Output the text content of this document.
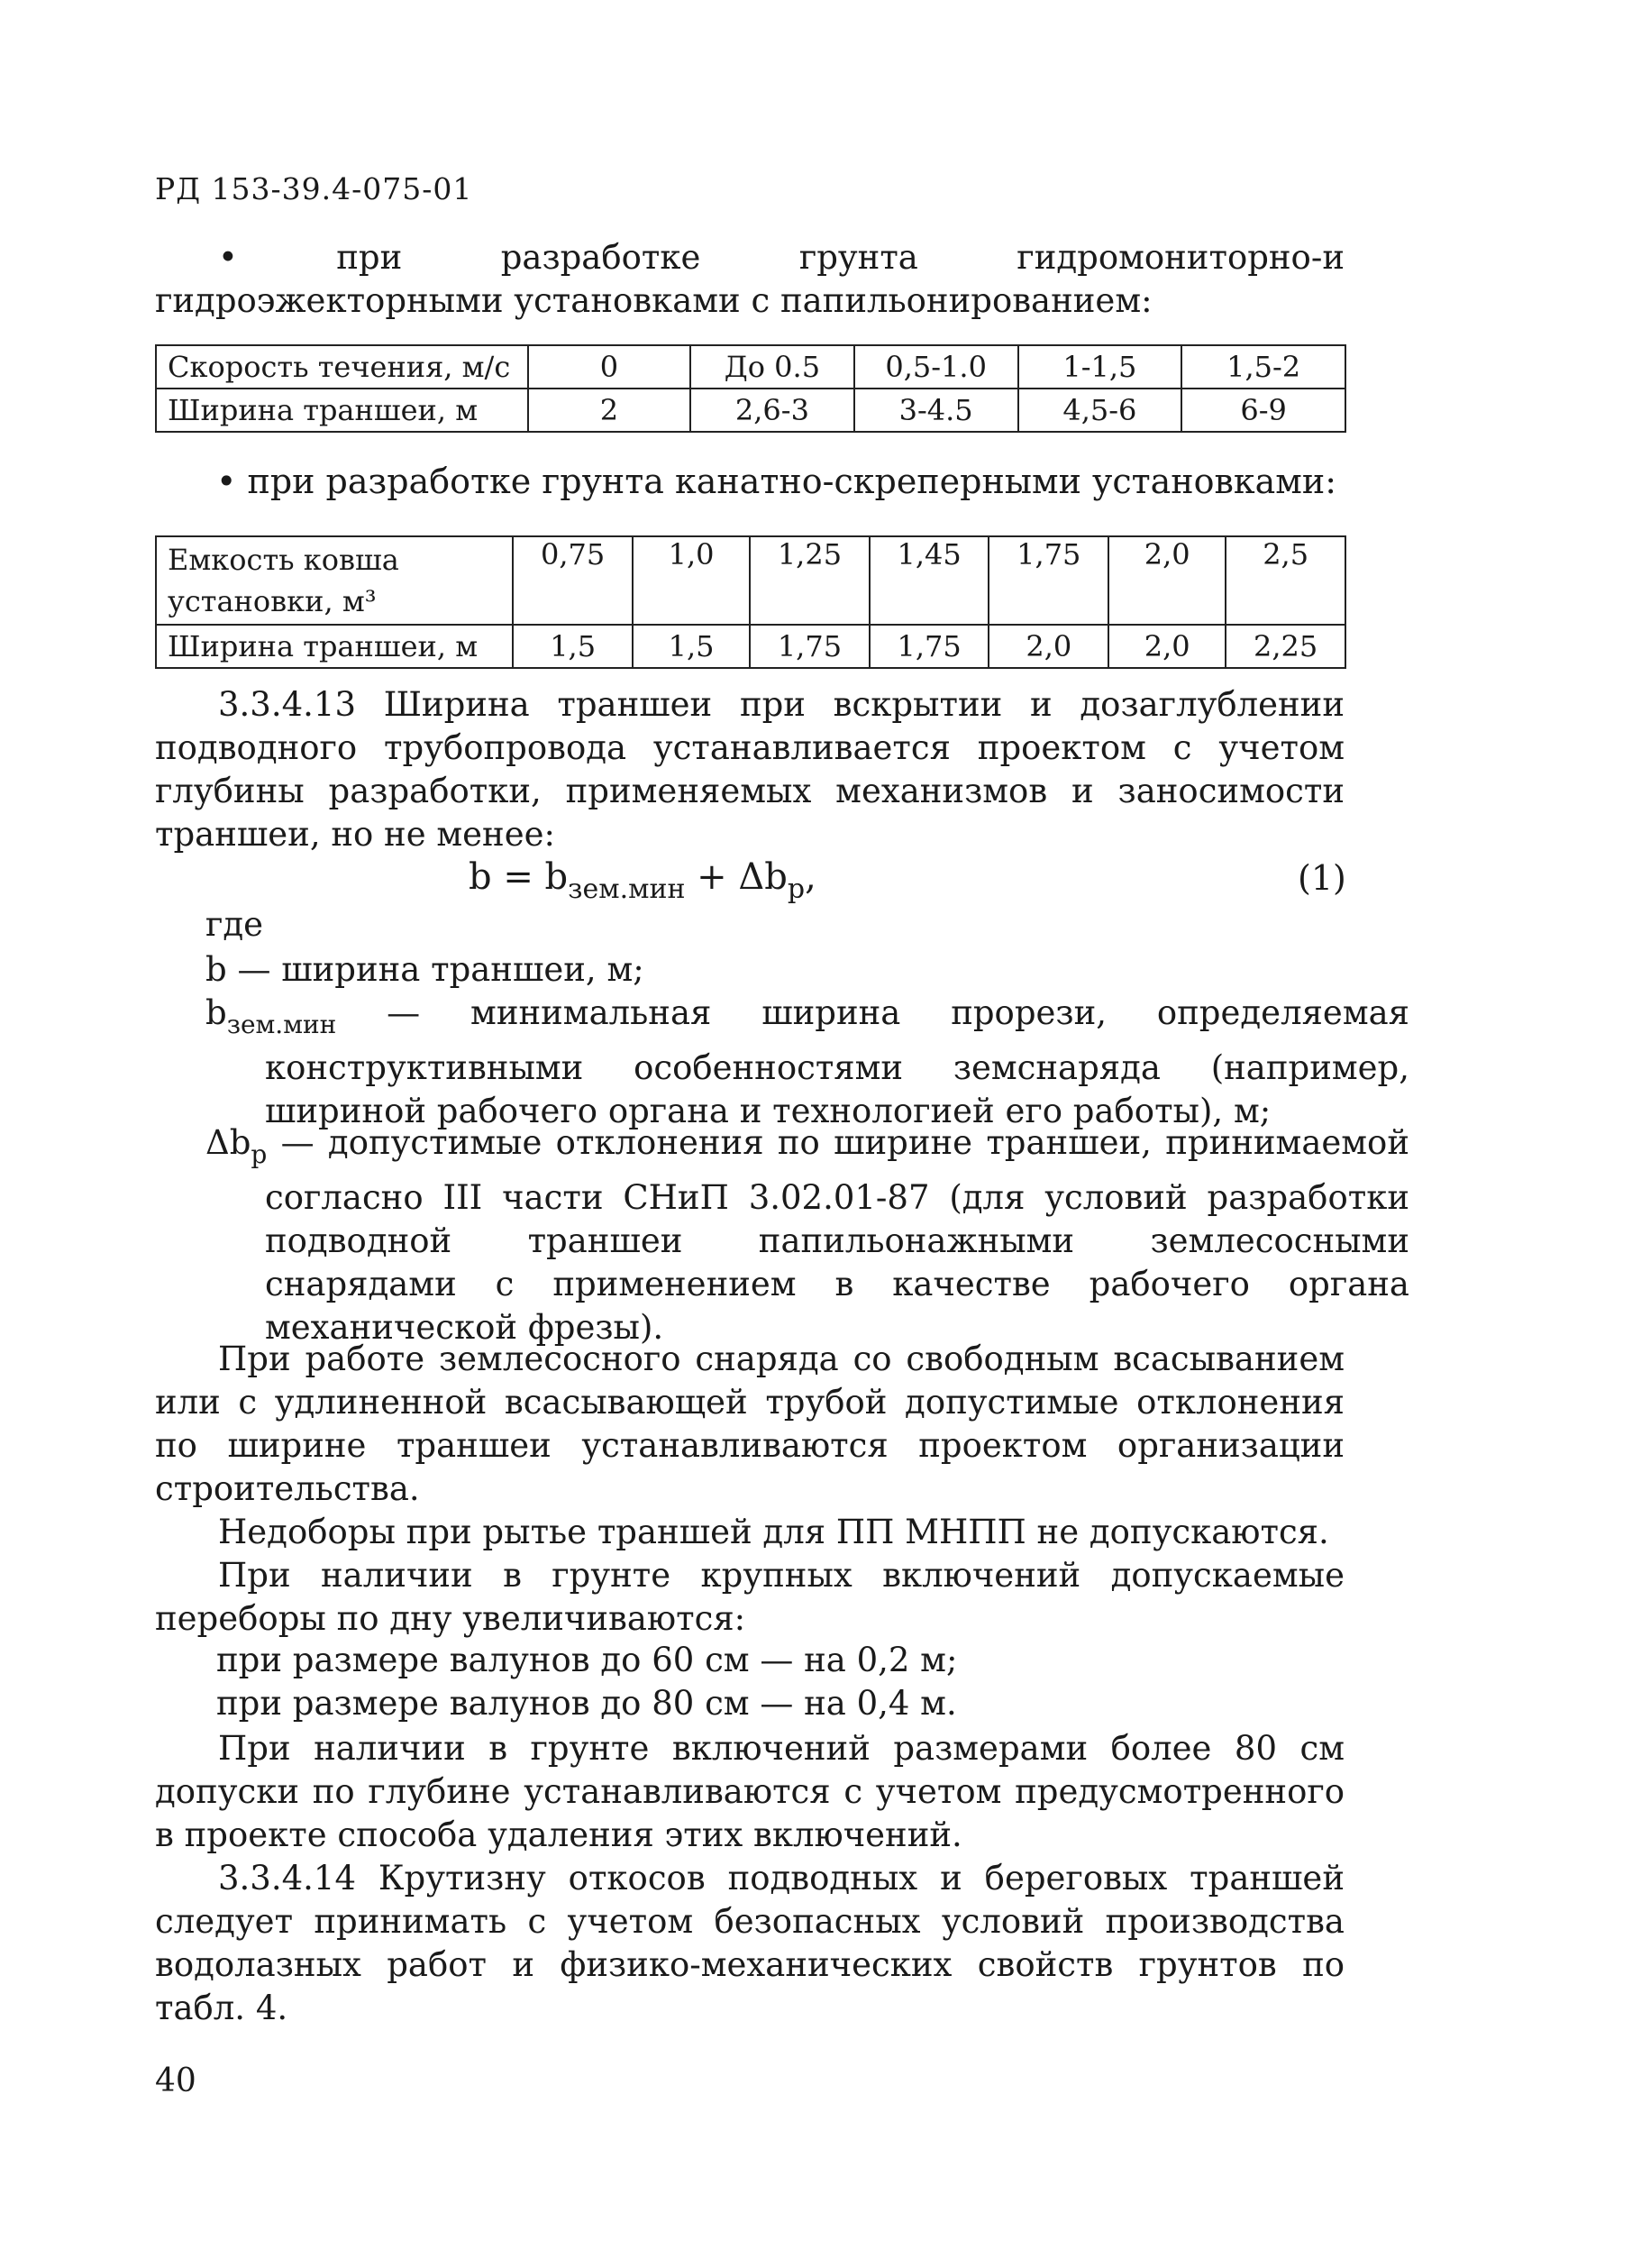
РД 153-39.4-075-01
• при разработке грунта гидромониторно-и гидроэжекторными установками с папильонированием:
Скорость течения, м/с	0	До 0.5	0,5-1.0	1-1,5	1,5-2
Ширина траншеи, м	2	2,6-3	3-4.5	4,5-6	6-9
• при разработке грунта канатно-скреперными установками:
Емкость ковша
установки, м³	0,75	1,0	1,25	1,45	1,75	2,0	2,5
Ширина траншеи, м	1,5	1,5	1,75	1,75	2,0	2,0	2,25
3.3.4.13 Ширина траншеи при вскрытии и дозаглублении подводного трубопровода устанавливается проектом с учетом глубины разработки, применяемых механизмов и заносимости траншеи, но не менее:
$b = b_{зем.мин} + \Delta b_р$,	(1)
где
b — ширина траншеи, м;
$b_{зем.мин}$ — минимальная ширина прорези, определяемая конструктивными особенностями земснаряда (например, шириной рабочего органа и технологией его работы), м;
$\Delta b_р$ — допустимые отклонения по ширине траншеи, принимаемой согласно III части СНиП 3.02.01-87 (для условий разработки подводной траншеи папильонажными землесосными снарядами с применением в качестве рабочего органа механической фрезы).
При работе землесосного снаряда со свободным всасыванием или с удлиненной всасывающей трубой допустимые отклонения по ширине траншеи устанавливаются проектом организации строительства.
Недоборы при рытье траншей для ПП МНПП не допускаются.
При наличии в грунте крупных включений допускаемые переборы по дну увеличиваются:
при размере валунов до 60 см — на 0,2 м;
при размере валунов до 80 см — на 0,4 м.
При наличии в грунте включений размерами более 80 см допуски по глубине устанавливаются с учетом предусмотренного в проекте способа удаления этих включений.
3.3.4.14 Крутизну откосов подводных и береговых траншей следует принимать с учетом безопасных условий производства водолазных работ и физико-механических свойств грунтов по табл. 4.
40
